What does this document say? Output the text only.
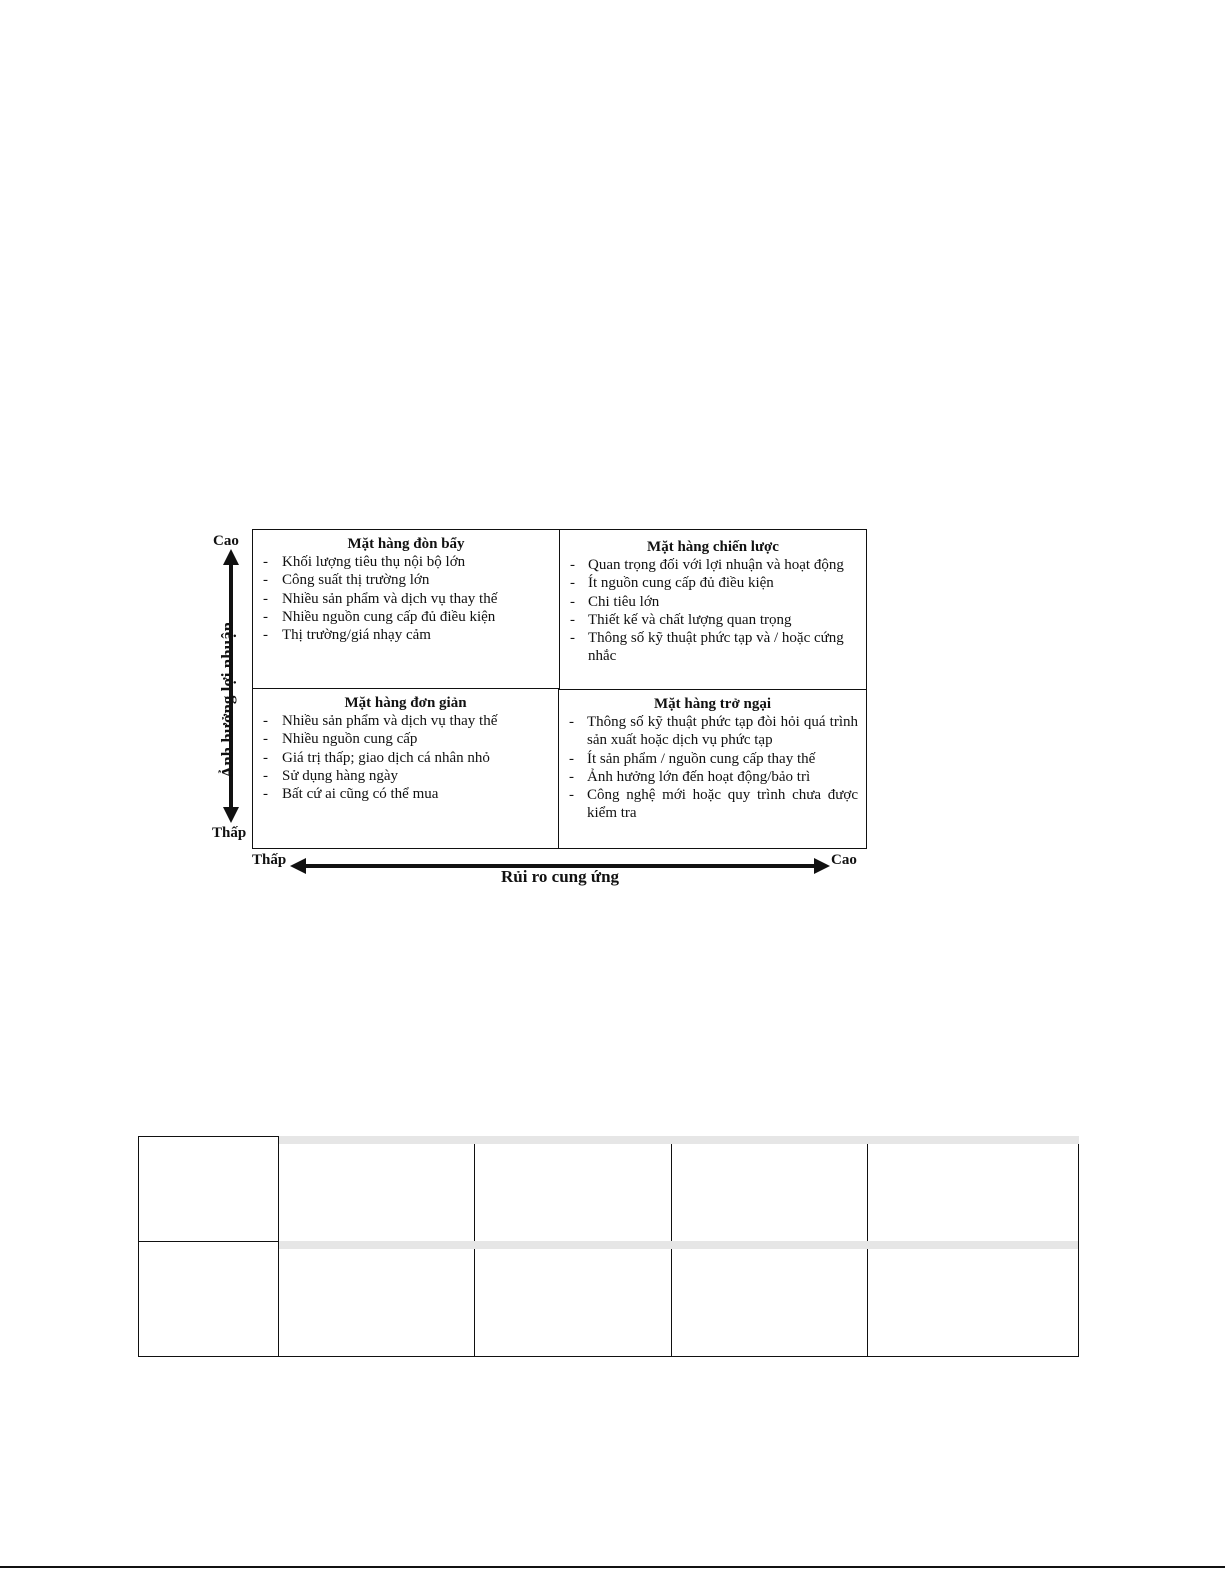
Cao
Thấp
Ảnh hưởng lợi nhuận
Thấp	Cao
Rủi ro cung ứng
Mặt hàng đòn bẩy
- Khối lượng tiêu thụ nội bộ lớn
- Công suất thị trường lớn
- Nhiều sản phẩm và dịch vụ thay thế
- Nhiều nguồn cung cấp đủ điều kiện
- Thị trường/giá nhạy cảm
Mặt hàng chiến lược
- Quan trọng đối với lợi nhuận và hoạt động
- Ít nguồn cung cấp đủ điều kiện
- Chi tiêu lớn
- Thiết kế và chất lượng quan trọng
- Thông số kỹ thuật phức tạp và / hoặc cứng nhắc
Mặt hàng đơn giản
- Nhiều sản phẩm và dịch vụ thay thế
- Nhiều nguồn cung cấp
- Giá trị thấp; giao dịch cá nhân nhỏ
- Sử dụng hàng ngày
- Bất cứ ai cũng có thể mua
Mặt hàng trở ngại
- Thông số kỹ thuật phức tạp đòi hỏi quá trình sản xuất hoặc dịch vụ phức tạp
- Ít sản phẩm / nguồn cung cấp thay thế
- Ảnh hưởng lớn đến hoạt động/bảo trì
- Công nghệ mới hoặc quy trình chưa được kiểm tra
